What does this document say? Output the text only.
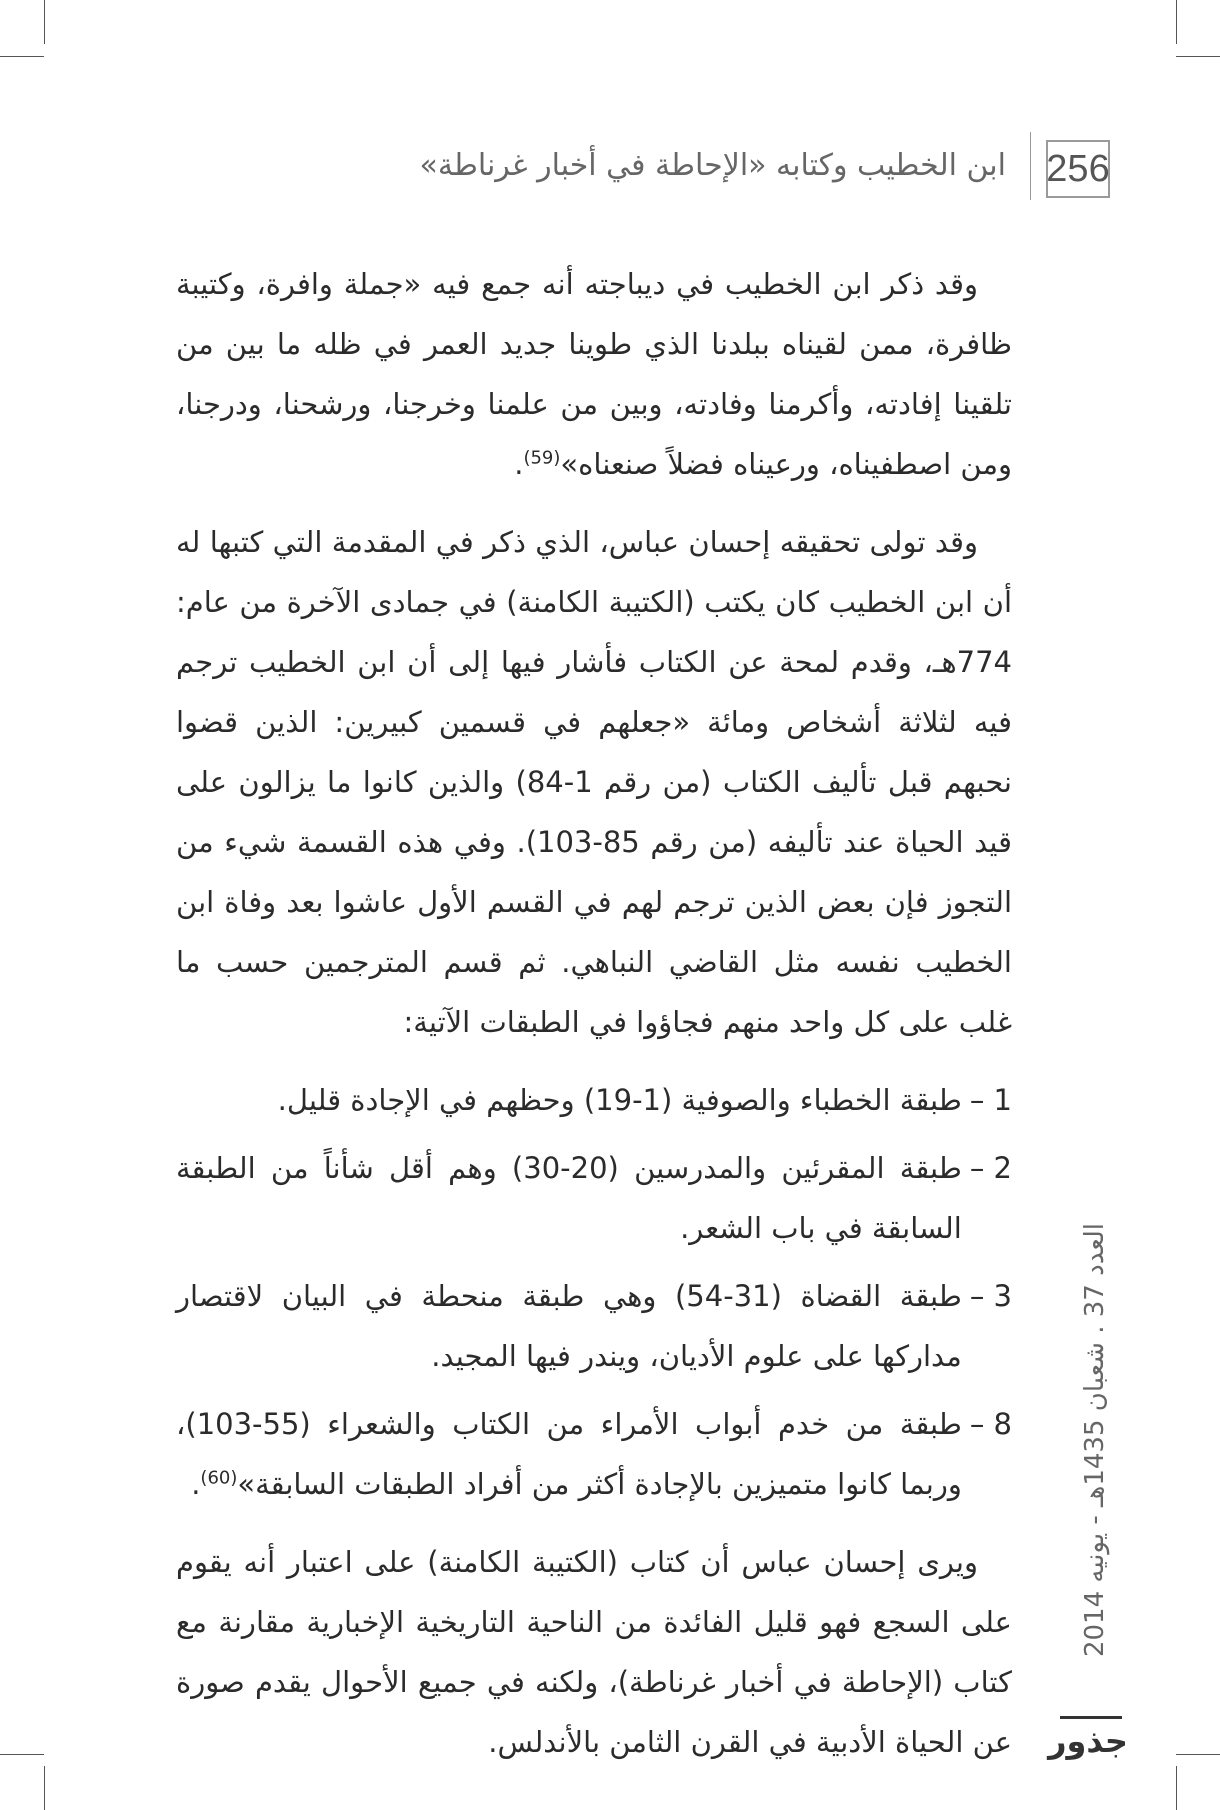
256
ابن الخطيب وكتابه «الإحاطة في أخبار غرناطة»

وقد ذكر ابن الخطيب في ديباجته أنه جمع فيه «جملة وافرة، وكتيبة ظافرة، ممن لقيناه ببلدنا الذي طوينا جديد العمر في ظله ما بين من تلقينا إفادته، وأكرمنا وفادته، وبين من علمنا وخرجنا، ورشحنا، ودرجنا، ومن اصطفيناه، ورعيناه فضلاً صنعناه»$^{(59)}$.

وقد تولى تحقيقه إحسان عباس، الذي ذكر في المقدمة التي كتبها له أن ابن الخطيب كان يكتب (الكتيبة الكامنة) في جمادى الآخرة من عام: 774هـ، وقدم لمحة عن الكتاب فأشار فيها إلى أن ابن الخطيب ترجم فيه لثلاثة أشخاص ومائة «جعلهم في قسمين كبيرين: الذين قضوا نحبهم قبل تأليف الكتاب (من رقم 1-84) والذين كانوا ما يزالون على قيد الحياة عند تأليفه (من رقم 85-103). وفي هذه القسمة شيء من التجوز فإن بعض الذين ترجم لهم في القسم الأول عاشوا بعد وفاة ابن الخطيب نفسه مثل القاضي النباهي. ثم قسم المترجمين حسب ما غلب على كل واحد منهم فجاؤوا في الطبقات الآتية:

1 –
طبقة الخطباء والصوفية (1-19) وحظهم في الإجادة قليل.
2 –
طبقة المقرئين والمدرسين (20-30) وهم أقل شأناً من الطبقة السابقة في باب الشعر.
3 –
طبقة القضاة (31-54) وهي طبقة منحطة في البيان لاقتصار مداركها على علوم الأديان، ويندر فيها المجيد.
8 –
طبقة من خدم أبواب الأمراء من الكتاب والشعراء (55-103)، وربما كانوا متميزين بالإجادة أكثر من أفراد الطبقات السابقة»$^{(60)}$.

ويرى إحسان عباس أن كتاب (الكتيبة الكامنة) على اعتبار أنه يقوم على السجع فهو قليل الفائدة من الناحية التاريخية الإخبارية مقارنة مع كتاب (الإحاطة في أخبار غرناطة)، ولكنه في جميع الأحوال يقدم صورة عن الحياة الأدبية في القرن الثامن بالأندلس.

العدد 37 . شعبان 1435هـ - يونيه 2014
جذور
